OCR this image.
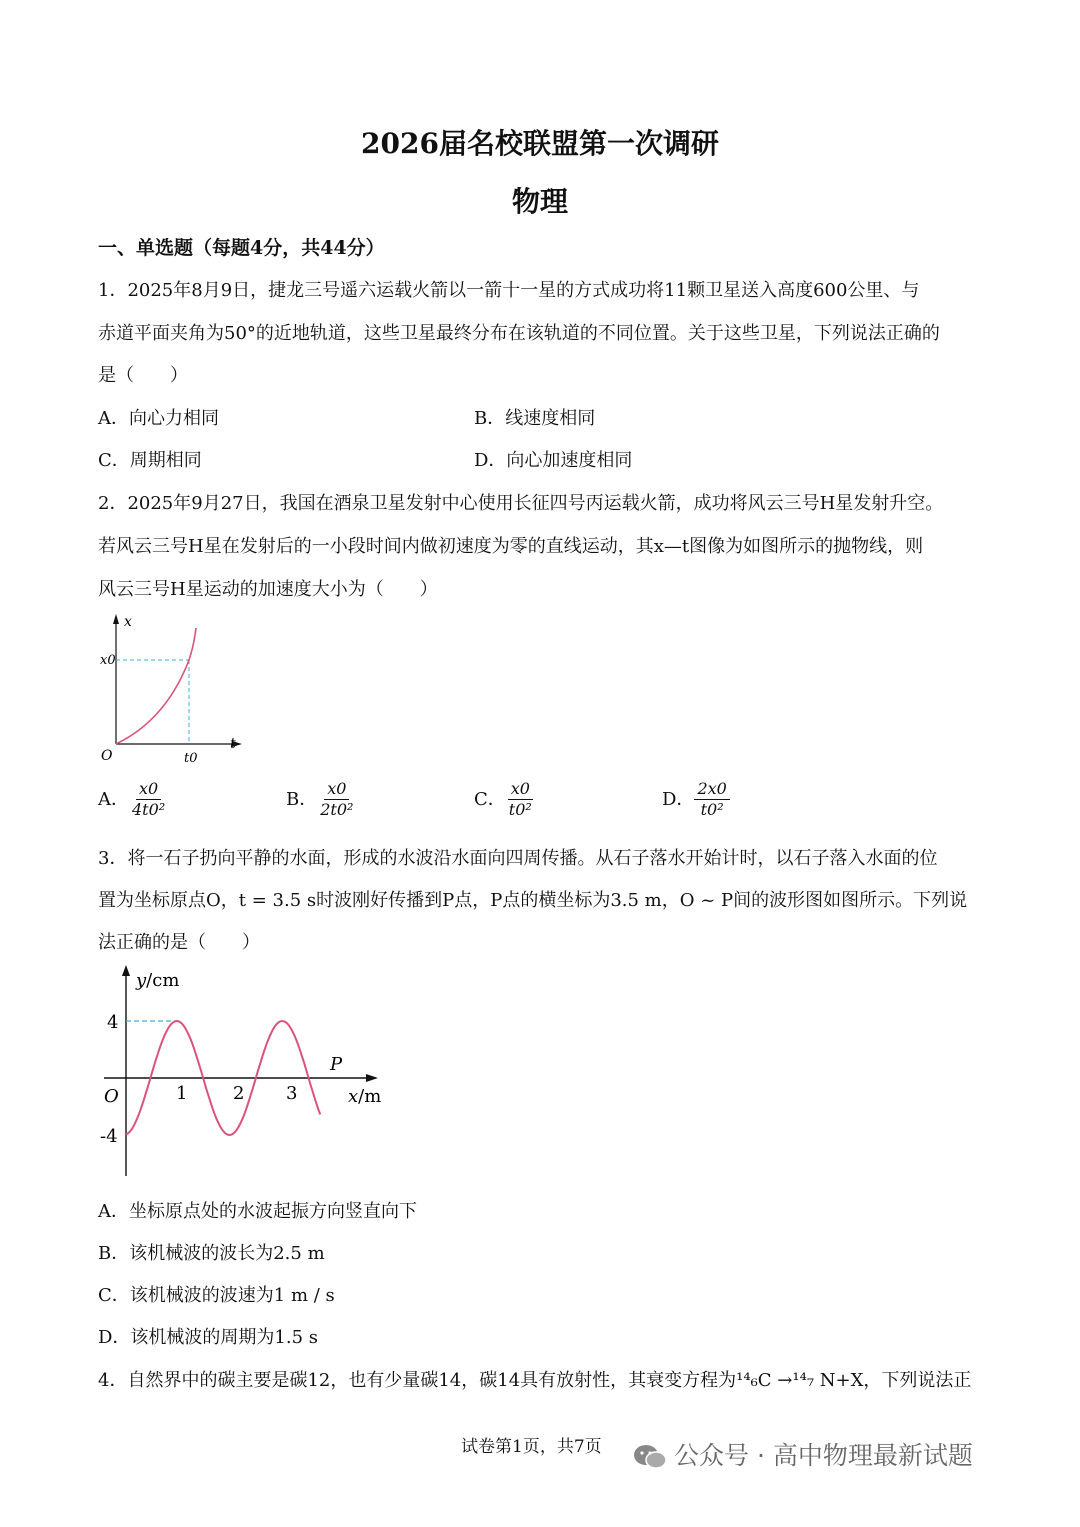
2026届名校联盟第一次调研
物理
一、单选题（每题4分，共44分）
1．2025年8月9日，捷龙三号遥六运载火箭以一箭十一星的方式成功将11颗卫星送入高度600公里、与
赤道平面夹角为50°的近地轨道，这些卫星最终分布在该轨道的不同位置。关于这些卫星，下列说法正确的
是（　　）
A．向心力相同	B．线速度相同
C．周期相同	D．向心加速度相同
2．2025年9月27日，我国在酒泉卫星发射中心使用长征四号丙运载火箭，成功将风云三号H星发射升空。
若风云三号H星在发射后的一小段时间内做初速度为零的直线运动，其x—t图像为如图所示的抛物线，则
风云三号H星运动的加速度大小为（　　）
x
t
O
x0
t0
A． $\frac{x0}{\text{4t0²}}$	B． $\frac{x0}{\text{2t0²}}$	C． $\frac{x0}{\text{t0²}}$	D． $\frac{2x0}{\text{t0²}}$
3．将一石子扔向平静的水面，形成的水波沿水面向四周传播。从石子落水开始计时，以石子落入水面的位
置为坐标原点O，t = 3.5 s时波刚好传播到P点，P点的横坐标为3.5 m，O ~ P间的波形图如图所示。下列说
法正确的是（　　）
y/cm
x/m
O
P
4
-4
1	2 3
A．坐标原点处的水波起振方向竖直向下
B．该机械波的波长为2.5 m
C．该机械波的波速为1 m / s
D．该机械波的周期为1.5 s
4．自然界中的碳主要是碳12，也有少量碳14，碳14具有放射性，其衰变方程为¹⁴₆C →¹⁴₇ N+X，下列说法正
试卷第1页，共7页	公众号 · 高中物理最新试题
